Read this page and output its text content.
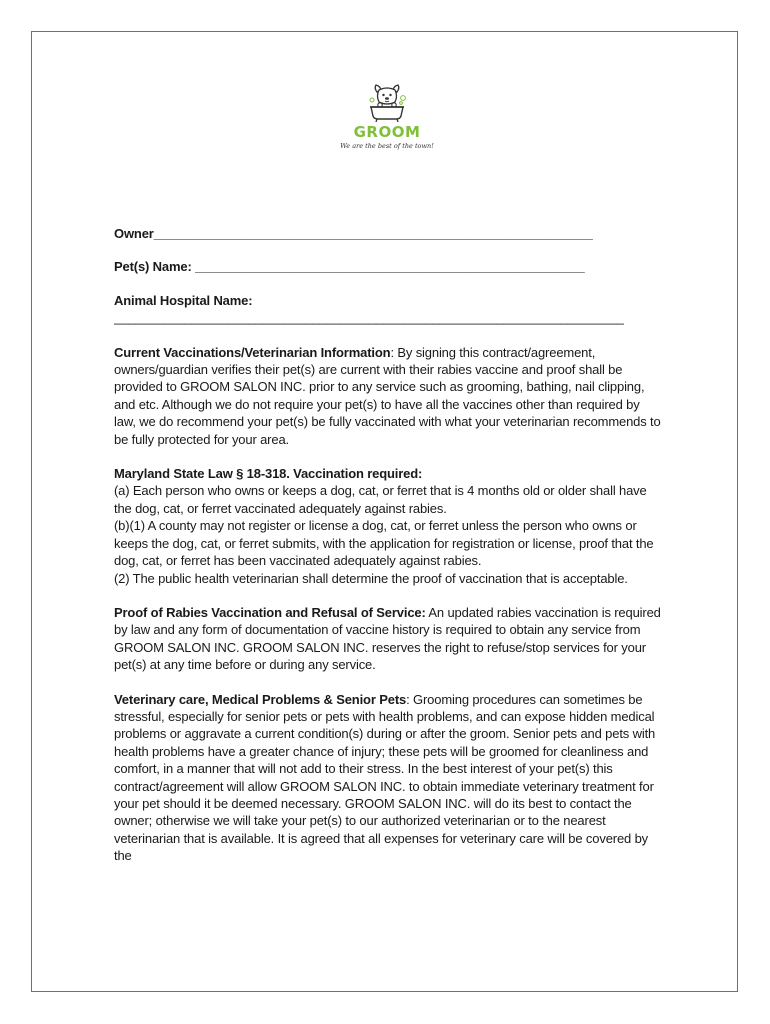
GROOM
We are the best of the town!
Owner______________________________________________________________
Pet(s) Name: _______________________________________________________
Animal Hospital Name:
________________________________________________________________________
Current Vaccinations/Veterinarian Information: By signing this contract/agreement, owners/guardian verifies their pet(s) are current with their rabies vaccine and proof shall be provided to GROOM SALON INC. prior to any service such as grooming, bathing, nail clipping, and etc. Although we do not require your pet(s) to have all the vaccines other than required by law, we do recommend your pet(s) be fully vaccinated with what your veterinarian recommends to be fully protected for your area.
Maryland State Law § 18-318. Vaccination required:
(a) Each person who owns or keeps a dog, cat, or ferret that is 4 months old or older shall have the dog, cat, or ferret vaccinated adequately against rabies.
(b)(1) A county may not register or license a dog, cat, or ferret unless the person who owns or keeps the dog, cat, or ferret submits, with the application for registration or license, proof that the dog, cat, or ferret has been vaccinated adequately against rabies.
(2) The public health veterinarian shall determine the proof of vaccination that is acceptable.
Proof of Rabies Vaccination and Refusal of Service: An updated rabies vaccination is required by law and any form of documentation of vaccine history is required to obtain any service from GROOM SALON INC. GROOM SALON INC. reserves the right to refuse/stop services for your pet(s) at any time before or during any service.
Veterinary care, Medical Problems & Senior Pets: Grooming procedures can sometimes be stressful, especially for senior pets or pets with health problems, and can expose hidden medical problems or aggravate a current condition(s) during or after the groom. Senior pets and pets with health problems have a greater chance of injury; these pets will be groomed for cleanliness and comfort, in a manner that will not add to their stress. In the best interest of your pet(s) this contract/agreement will allow GROOM SALON INC. to obtain immediate veterinary treatment for your pet should it be deemed necessary. GROOM SALON INC. will do its best to contact the owner; otherwise we will take your pet(s) to our authorized veterinarian or to the nearest veterinarian that is available. It is agreed that all expenses for veterinary care will be covered by the
